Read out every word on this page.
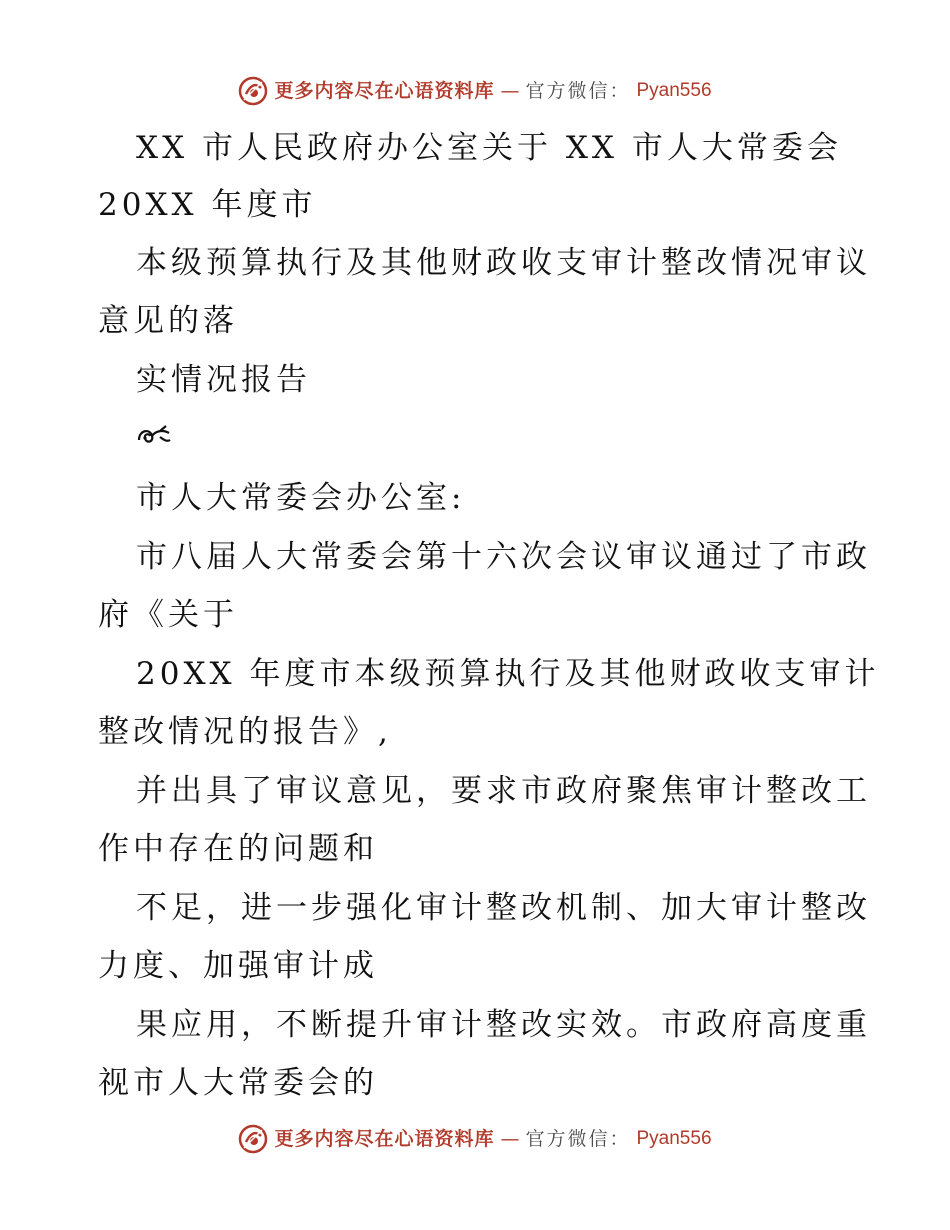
更多内容尽在心语资料库 — 官方微信： Pyan556
XX 市人民政府办公室关于 XX 市人大常委会
20XX 年度市
本级预算执行及其他财政收支审计整改情况审议
意见的落
实情况报告
市人大常委会办公室:
市八届人大常委会第十六次会议审议通过了市政
府《关于
20XX 年度市本级预算执行及其他财政收支审计
整改情况的报告》,
并出具了审议意见，要求市政府聚焦审计整改工
作中存在的问题和
不足，进一步强化审计整改机制、加大审计整改
力度、加强审计成
果应用，不断提升审计整改实效。市政府高度重
视市人大常委会的
更多内容尽在心语资料库 — 官方微信： Pyan556
